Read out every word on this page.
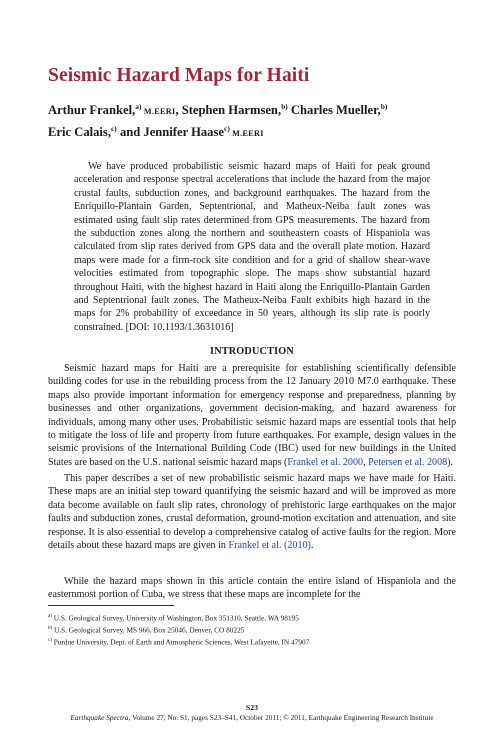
Seismic Hazard Maps for Haiti
Arthur Frankel,$^{a)}$ M.EERI, Stephen Harmsen,$^{b)}$ Charles Mueller,$^{b)}$
Eric Calais,$^{c)}$ and Jennifer Haase$^{c)}$ M.EERI

We have produced probabilistic seismic hazard maps of Haiti for peak ground acceleration and response spectral accelerations that include the hazard from the major crustal faults, subduction zones, and background earthquakes. The hazard from the Enriquillo-Plantain Garden, Septentrional, and Matheux-Neiba fault zones was estimated using fault slip rates determined from GPS measurements. The hazard from the subduction zones along the northern and southeastern coasts of Hispaniola was calculated from slip rates derived from GPS data and the overall plate motion. Hazard maps were made for a firm-rock site condition and for a grid of shallow shear-wave velocities estimated from topographic slope. The maps show substantial hazard throughout Haiti, with the highest hazard in Haiti along the Enriquillo-Plantain Garden and Septentrional fault zones. The Matheux-Neiba Fault exhibits high hazard in the maps for 2% probability of exceedance in 50 years, although its slip rate is poorly constrained. [DOI: 10.1193/1.3631016]

INTRODUCTION

Seismic hazard maps for Haiti are a prerequisite for establishing scientifically defensible building codes for use in the rebuilding process from the 12 January 2010 M7.0 earthquake. These maps also provide important information for emergency response and preparedness, planning by businesses and other organizations, government decision-making, and hazard awareness for individuals, among many other uses. Probabilistic seismic hazard maps are essential tools that help to mitigate the loss of life and property from future earthquakes. For example, design values in the seismic provisions of the International Building Code (IBC) used for new buildings in the United States are based on the U.S. national seismic hazard maps (Frankel et al. 2000, Petersen et al. 2008).

This paper describes a set of new probabilistic seismic hazard maps we have made for Haiti. These maps are an initial step toward quantifying the seismic hazard and will be improved as more data become available on fault slip rates, chronology of prehistoric large earthquakes on the major faults and subduction zones, crustal deformation, ground-motion excitation and attenuation, and site response. It is also essential to develop a comprehensive catalog of active faults for the region. More details about these hazard maps are given in Frankel et al. (2010).

While the hazard maps shown in this article contain the entire island of Hispaniola and the easternmost portion of Cuba, we stress that these maps are incomplete for the

$^{a)}$ U.S. Geological Survey, University of Washington, Box 351310, Seattle, WA 98195
$^{b)}$ U.S. Geological Survey, MS 966, Box 25046, Denver, CO 80225
$^{c)}$ Purdue University, Dept. of Earth and Atmospheric Sciences, West Lafayette, IN 47907
S23
Earthquake Spectra, Volume 27, No. S1, pages S23–S41, October 2011; © 2011, Earthquake Engineering Research Institute
